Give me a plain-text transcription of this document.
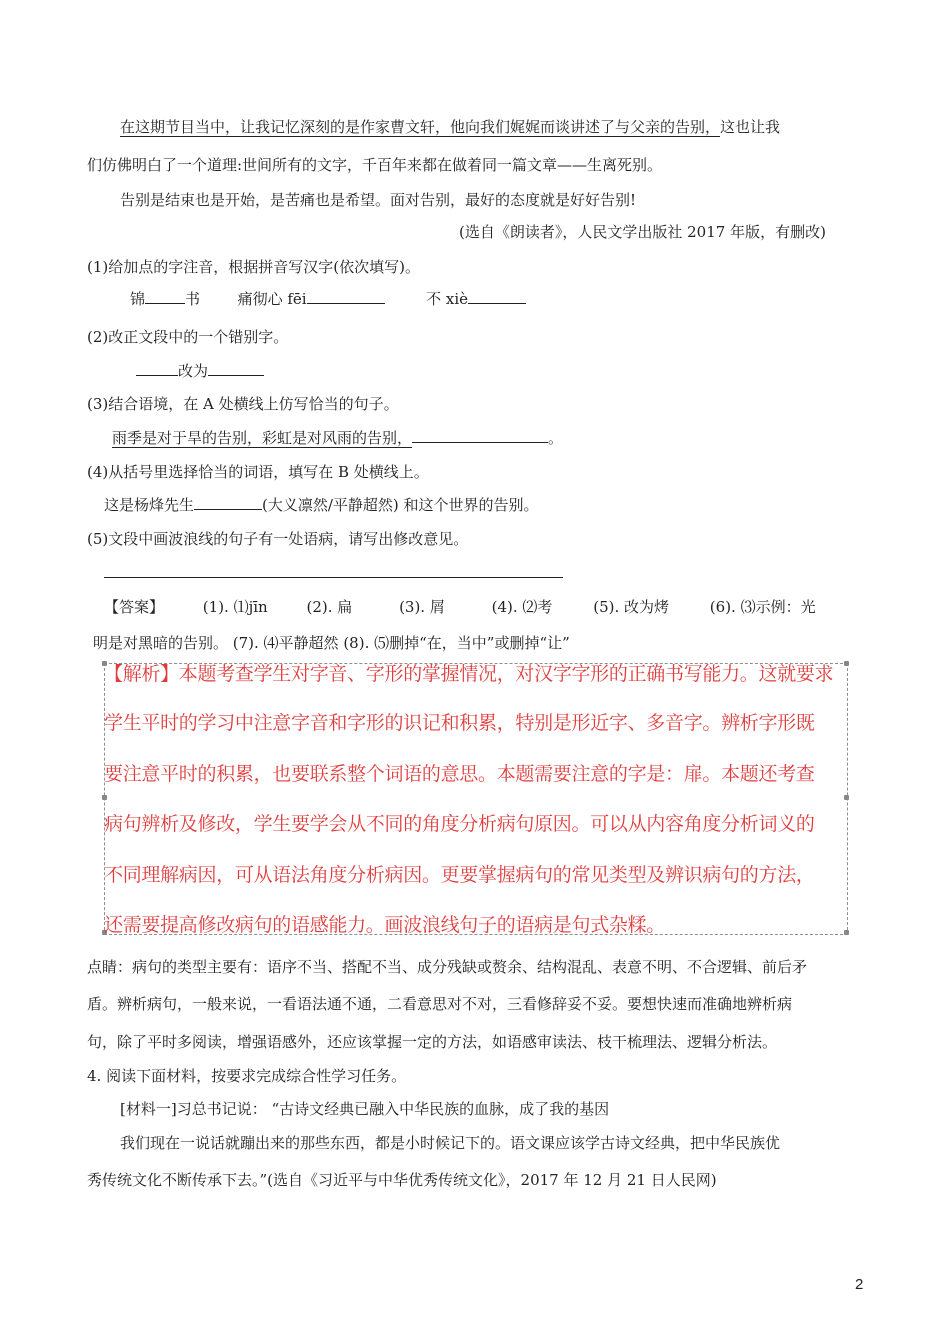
在这期节目当中，让我记忆深刻的是作家曹文轩，他向我们娓娓而谈讲述了与父亲的告别，这也让我
们仿佛明白了一个道理:世间所有的文字，千百年来都在做着同一篇文章——生离死别。
告别是结束也是开始，是苦痛也是希望。面对告别，最好的态度就是好好告别!
(选自《朗读者》，人民文学出版社 2017 年版，有删改)
(1)给加点的字注音，根据拼音写汉字(依次填写)。
锦	书	痛彻心 fēi	不 xiè
(2)改正文段中的一个错别字。
改为
(3)结合语境，在 A 处横线上仿写恰当的句子。
雨季是对于旱的告别，彩虹是对风雨的告别，	。
(4)从括号里选择恰当的词语，填写在 B 处横线上。
这是杨烽先生	(大义凛然/平静超然) 和这个世界的告别。
(5)文段中画波浪线的句子有一处语病，请写出修改意见。
【答案】	(1). ⑴jīn	(2). 扁	(3). 屑	(4). ⑵考	(5). 改为烤	(6). ⑶示例：光
明是对黑暗的告别。 (7). ⑷平静超然 (8). ⑸删掉“在，当中”或删掉“让”
【解析】本题考查学生对字音、字形的掌握情况，对汉字字形的正确书写能力。这就要求
学生平时的学习中注意字音和字形的识记和积累，特别是形近字、多音字。辨析字形既
要注意平时的积累，也要联系整个词语的意思。本题需要注意的字是：扉。本题还考查
病句辨析及修改，学生要学会从不同的角度分析病句原因。可以从内容角度分析词义的
不同理解病因，可从语法角度分析病因。更要掌握病句的常见类型及辨识病句的方法，
还需要提高修改病句的语感能力。画波浪线句子的语病是句式杂糅。
点睛：病句的类型主要有：语序不当、搭配不当、成分残缺或赘余、结构混乱、表意不明、不合逻辑、前后矛
盾。辨析病句，一般来说，一看语法通不通，二看意思对不对，三看修辞妥不妥。要想快速而准确地辨析病
句，除了平时多阅读，增强语感外，还应该掌握一定的方法，如语感审读法、枝干梳理法、逻辑分析法。
4. 阅读下面材料，按要求完成综合性学习任务。
[材料一]习总书记说： “古诗文经典已融入中华民族的血脉，成了我的基因
我们现在一说话就蹦出来的那些东西，都是小时候记下的。语文课应该学古诗文经典，把中华民族优
秀传统文化不断传承下去。”(选自《习近平与中华优秀传统文化》，2017 年 12 月 21 日人民网)
2
